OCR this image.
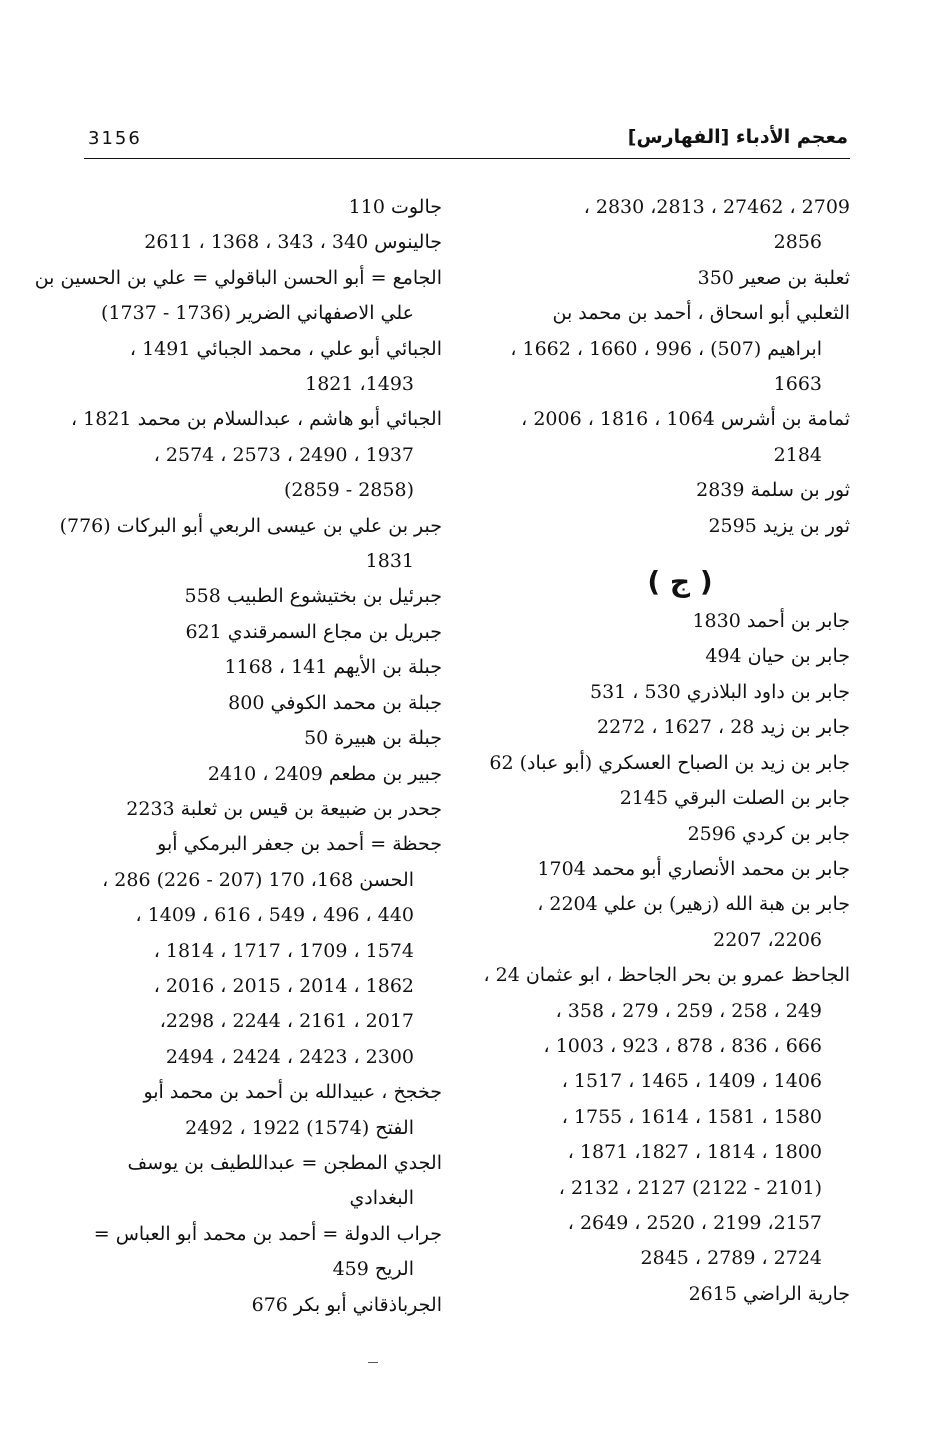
3156	معجم الأدباء [الفهارس]
2709 ، 27462 ، 2813، 2830 ،
2856
ثعلبة بن صعير 350
الثعلبي أبو اسحاق ، أحمد بن محمد بن
ابراهيم (507) ، 996 ، 1660 ، 1662 ،
1663
ثمامة بن أشرس 1064 ، 1816 ، 2006 ،
2184
ثور بن سلمة 2839
ثور بن يزيد 2595
( ج )
جابر بن أحمد 1830
جابر بن حيان 494
جابر بن داود البلاذري 530 ، 531
جابر بن زيد 28 ، 1627 ، 2272
جابر بن زيد بن الصباح العسكري (أبو عباد) 62
جابر بن الصلت البرقي 2145
جابر بن كردي 2596
جابر بن محمد الأنصاري أبو محمد 1704
جابر بن هبة الله (زهير) بن علي 2204 ،
2206، 2207
الجاحظ عمرو بن بحر الجاحظ ، ابو عثمان 24 ،
249 ، 258 ، 259 ، 279 ، 358 ،
666 ، 836 ، 878 ، 923 ، 1003 ،
1406 ، 1409 ، 1465 ، 1517 ،
1580 ، 1581 ، 1614 ، 1755 ،
1800 ، 1814 ، 1827، 1871 ،
(2101 - 2122) 2127 ، 2132 ،
2157، 2199 ، 2520 ، 2649 ،
2724 ، 2789 ، 2845
جارية الراضي 2615
جالوت 110
جالينوس 340 ، 343 ، 1368 ، 2611
الجامع = أبو الحسن الباقولي = علي بن الحسين بن
علي الاصفهاني الضرير (1736 - 1737)
الجبائي أبو علي ، محمد الجبائي 1491 ،
1493، 1821
الجبائي أبو هاشم ، عبدالسلام بن محمد 1821 ،
1937 ، 2490 ، 2573 ، 2574 ،
(2858 - 2859)
جبر بن علي بن عيسى الربعي أبو البركات (776)
1831
جبرئيل بن بختيشوع الطبيب 558
جبريل بن مجاع السمرقندي 621
جبلة بن الأيهم 141 ، 1168
جبلة بن محمد الكوفي 800
جبلة بن هبيرة 50
جبير بن مطعم 2409 ، 2410
جحدر بن ضبيعة بن قيس بن ثعلبة 2233
جحظة = أحمد بن جعفر البرمكي أبو
الحسن 168، 170 (207 - 226) 286 ،
440 ، 496 ، 549 ، 616 ، 1409 ،
1574 ، 1709 ، 1717 ، 1814 ،
1862 ، 2014 ، 2015 ، 2016 ،
2017 ، 2161 ، 2244 ، 2298،
2300 ، 2423 ، 2424 ، 2494
جخجخ ، عبيدالله بن أحمد بن محمد أبو
الفتح (1574) 1922 ، 2492
الجدي المطجن = عبداللطيف بن يوسف
البغدادي
جراب الدولة = أحمد بن محمد أبو العباس =
الريح 459
الجرباذقاني أبو بكر 676
